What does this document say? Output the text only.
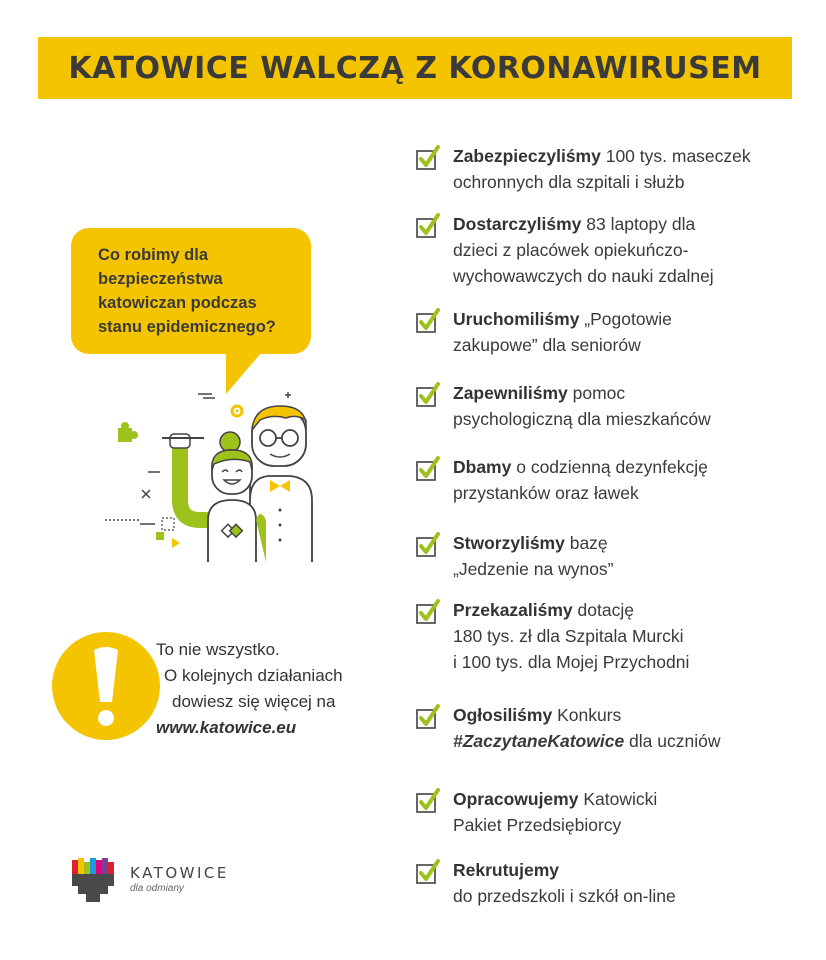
KATOWICE WALCZĄ Z KORONAWIRUSEM
Co robimy dla
bezpieczeństwa
katowiczan podczas
stanu epidemicznego?
To nie wszystko.
O kolejnych działaniach
dowiesz się więcej na
www.katowice.eu
KATOWICE
dla odmiany
Zabezpieczyliśmy 100 tys. maseczek
ochronnych dla szpitali i służb
Dostarczyliśmy 83 laptopy dla
dzieci z placówek opiekuńczo-
wychowawczych do nauki zdalnej
Uruchomiliśmy „Pogotowie
zakupowe” dla seniorów
Zapewniliśmy pomoc
psychologiczną dla mieszkańców
Dbamy o codzienną dezynfekcję
przystanków oraz ławek
Stworzyliśmy bazę
„Jedzenie na wynos”
Przekazaliśmy dotację
180 tys. zł dla Szpitala Murcki
i 100 tys. dla Mojej Przychodni
Ogłosiliśmy Konkurs
#ZaczytaneKatowice dla uczniów
Opracowujemy Katowicki
Pakiet Przedsiębiorcy
Rekrutujemy
do przedszkoli i szkół on-line
